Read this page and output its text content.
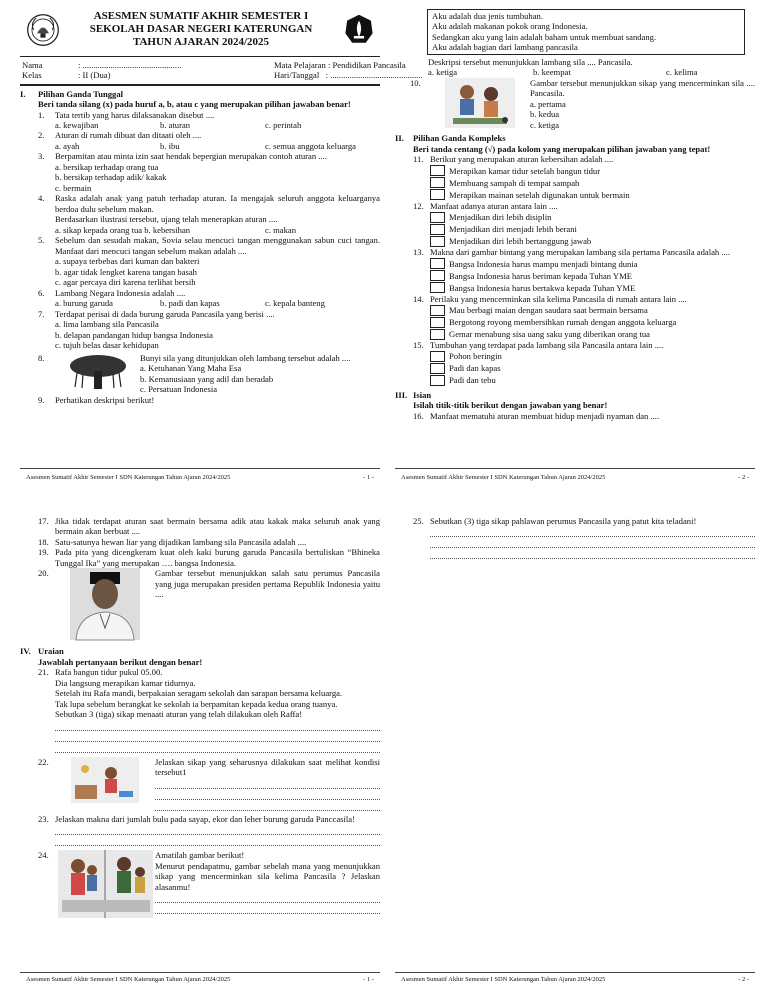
ASESMEN SUMATIF AKHIR SEMESTER I
SEKOLAH DASAR NEGERI KATERUNGAN
TAHUN AJARAN 2024/2025
Nama	: ..............................................	Mata Pelajaran : Pendidikan Pancasila
Kelas	: II (Dua)	Hari/Tanggal : ...........................................
I. Pilihan Ganda Tunggal
Beri tanda silang (x) pada huruf a, b, atau c yang merupakan pilihan jawaban benar!
1.	Tata tertib yang harus dilaksanakan disebut ....
a. kewajiban	b. aturan	c. perintah
2.	Aturan di rumah dibuat dan ditaati oleh ....
a. ayah	b. ibu	c. semua anggota keluarga
3.	Berpamitan atau minta izin saat hendak bepergian merupakan contoh aturan ....
a. bersikap terhadap orang tua
b. bersikap terhadap adik/ kakak
c. bermain
4.	Raska adalah anak yang patuh terhadap aturan. Ia mengajak seluruh anggota keluarganya berdoa dulu sebelum makan.
Berdasarkan ilustrasi tersebut, ujang telah menerapkan aturan ....
a. sikap kepada orang tua b. kebersihan	c. makan
5.	Sebelum dan sesudah makan, Sovia selau mencuci tangan menggunakan sabun cuci tangan. Manfaat dari mencuci tangan sebelum makan adalah ....
a. supaya terbebas dari kuman dan bakteri
b. agar tidak lengket karena tangan basah
c. agar percaya diri karena terlihat bersih
6.	Lambang Negara Indonesia adalah ....
a. burung garuda	b. padi dan kapas	c. kepala banteng
7.	Terdapat perisai di dada burung garuda Pancasila yang berisi ....
a. lima lambang sila Pancasila
b. delapan pandangan hidup bangsa Indonesia
c. tujuh belas dasar kehidupan
8.	Bunyi sila yang ditunjukkan oleh lambang tersebut adalah ....
a. Ketuhanan Yang Maha Esa
b. Kemanusiaan yang adil dan beradab
c. Persatuan Indonesia
9.	Perhatikan deskripsi berikut!
Asesmen Sumatif Akhir Semester I SDN Katerungan Tahun Ajaran 2024/2025	- 1 -
Aku adalah dua jenis tumbuhan.
Aku adalah makanan pokok orang Indonesia.
Sedangkan aku yang lain adalah baham untuk membuat sandang.
Aku adalah bagian dari lambang pancasila
Deskripsi tersebut menunjukkan lambang sila .... Pancasila.
a. ketiga	b. keempat	c. kelima
10.	Gambar tersebut menunjukkan sikap yang mencerminkan sila .... Pancasila.
a. pertama
b. kedua
c. ketiga
II. Pilihan Ganda Kompleks
Beri tanda centang (√) pada kolom yang merupakan pilihan jawaban yang tepat!
11. Berikut yang merupakan aturan kebersihan adalah ....
Merapikan kamar tidur setelah bangun tidur
Membuang sampah di tempat sampah
Merapikan mainan setelah digunakan untuk bermain
12. Manfaat adanya aturan antara lain ....
Menjadikan diri lebih disiplin
Menjadikan diri menjadi lebih berani
Menjadikan diri lebih bertanggung jawab
13. Makna dari gambar bintang yang merupakan lambang sila pertama Pancasila adalah ....
Bangsa Indonesia harus mampu menjadi bintang dunia
Bangsa Indonesia harus beriman kepada Tuhan YME
Bangsa Indonesia harus bertakwa kepada Tuhan YME
14. Perilaku yang mencerminkan sila kelima Pancasila di rumah antara lain ....
Mau berbagi maian dengan saudara saat bermain bersama
Bergotong royong membersihkan rumah dengan anggota keluarga
Gemar menabung sisa uang saku yang diberikan orang tua
15. Tumbuhan yang terdapat pada lambang sila Pancasila antara lain ....
Pohon beringin
Padi dan kapas
Padi dan tebu
III. Isian
Isilah titik-titik berikut dengan jawaban yang benar!
16. Manfaat mematuhi aturan membuat hidup menjadi nyaman dan ....
Asesmen Sumatif Akhir Semester I SDN Katerungan Tahun Ajaran 2024/2025	- 2 -
17. Jika tidak terdapat aturan saat bermain bersama adik atau kakak maka seluruh anak yang bermain akan berbuat ....
18. Satu-satunya hewan liar yang dijadikan lambang sila Pancasila adalah ....
19. Pada pita yang dicengkeram kuat oleh kaki burung garuda Pancasila bertuliskan “Bhineka Tunggal Ika” yang merupakan …. bangsa Indonesia.
20.	Gambar tersebut menunjukkan salah satu perumus Pancasila yang juga merupakan presiden pertama Republik Indonesia yaitu ....
IV. Uraian
Jawablah pertanyaan berikut dengan benar!
21. Rafa bangun tidur pukul 05.00.
Dia langsung merapikan kamar tidurnya.
Setelah itu Rafa mandi, berpakaian seragam sekolah dan sarapan bersama keluarga.
Tak lupa sebelum berangkat ke sekolah ia berpamitan kepada kedua orang tuanya.
Sebutkan 3 (tiga) sikap menaati aturan yang telah dilakukan oleh Raffa!
22.	Jelaskan sikap yang seharusnya dilakukan saat melihat kondisi tersebut1
23. Jelaskan makna dari jumlah bulu pada sayap, ekor dan leher burung garuda Panccasila!
24.	Amatilah gambar berikut!
Menurut pendapatmu, gambar sebelah mana yang menunjukkan sikap yang mencerminkan sila kelima Pancasila ? Jelaskan alasanmu!
Asesmen Sumatif Akhir Semester I SDN Katerungan Tahun Ajaran 2024/2025	- 1 -
25. Sebutkan (3) tiga sikap pahlawan perumus Pancasila yang patut kita teladani!
Asesmen Sumatif Akhir Semester I SDN Katerungan Tahun Ajaran 2024/2025	- 2 -
